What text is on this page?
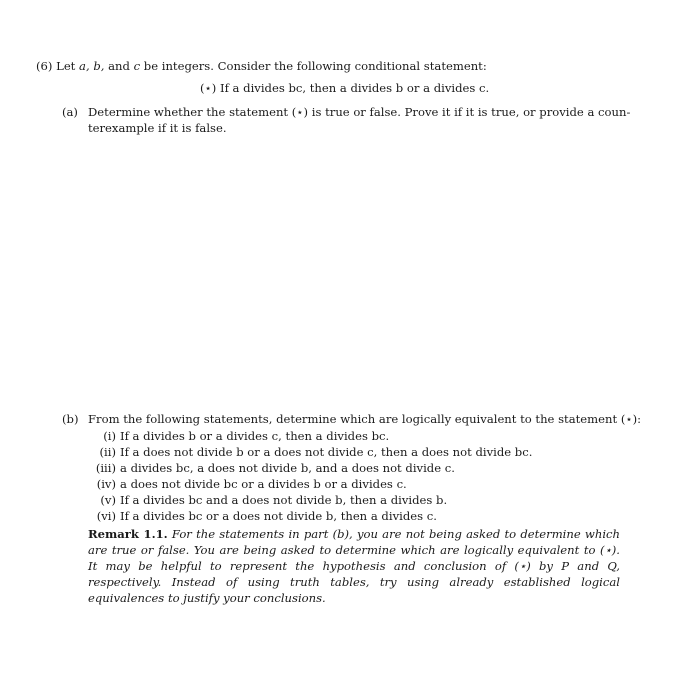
(6) Let a, b, and c be integers. Consider the following conditional statement:
(⋆) If a divides bc, then a divides b or a divides c.
(a) Determine whether the statement (⋆) is true or false. Prove it if it is true, or provide a coun-
terexample if it is false.
(b) From the following statements, determine which are logically equivalent to the statement (⋆):
(i) If a divides b or a divides c, then a divides bc.
(ii) If a does not divide b or a does not divide c, then a does not divide bc.
(iii) a divides bc, a does not divide b, and a does not divide c.
(iv) a does not divide bc or a divides b or a divides c.
(v) If a divides bc and a does not divide b, then a divides b.
(vi) If a divides bc or a does not divide b, then a divides c.
Remark 1.1. For the statements in part (b), you are not being asked to determine which are true or false. You are being asked to determine which are logically equivalent to (⋆). It may be helpful to represent the hypothesis and conclusion of (⋆) by P and Q, respectively. Instead of using truth tables, try using already established logical equivalences to justify your conclusions.
